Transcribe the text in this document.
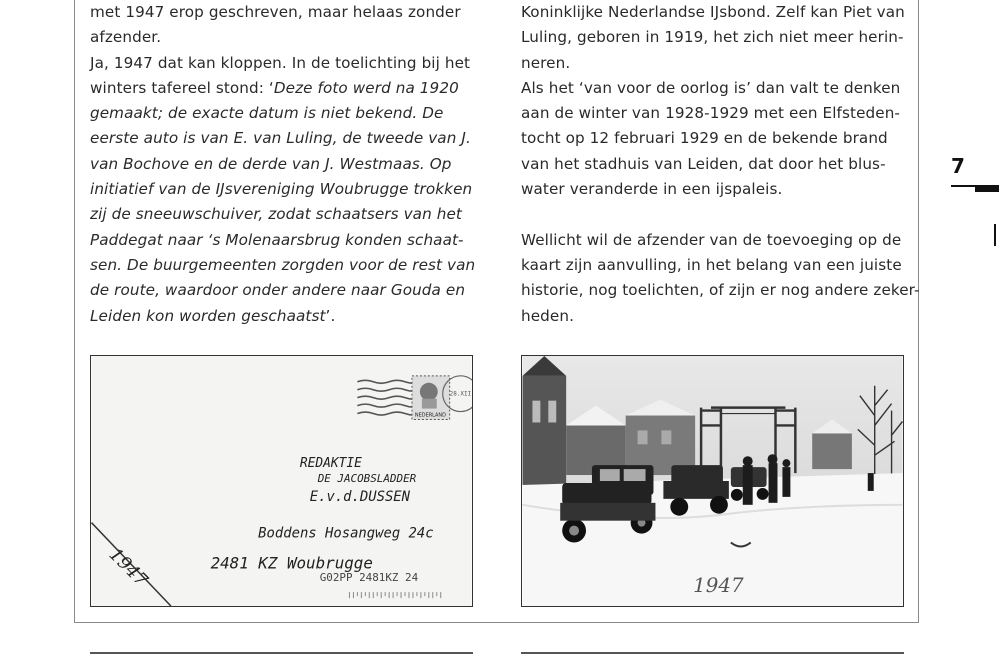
met 1947 erop geschreven, maar helaas zonder
afzender.
Ja, 1947 dat kan kloppen. In de toelichting bij het
winters tafereel stond: ‘Deze foto werd na 1920
gemaakt; de exacte datum is niet bekend. De
eerste auto is van E. van Luling, de tweede van J.
van Bochove en de derde van J. Westmaas. Op
initiatief van de IJsvereniging Woubrugge trokken
zij de sneeuwschuiver, zodat schaatsers van het
Paddegat naar ‘s Molenaarsbrug konden schaat-
sen. De buurgemeenten zorgden voor de rest van
de route, waardoor onder andere naar Gouda en
Leiden kon worden geschaatst’.
Koninklijke Nederlandse IJsbond. Zelf kan Piet van
Luling, geboren in 1919, het zich niet meer herin-
neren.
Als het ‘van voor de oorlog is’ dan valt te denken
aan de winter van 1928-1929 met een Elfsteden-
tocht op 12 februari 1929 en de bekende brand
van het stadhuis van Leiden, dat door het blus-
water veranderde in een ijspaleis.
Wellicht wil de afzender van de toevoeging op de
kaart zijn aanvulling, in het belang van een juiste
historie, nog toelichten, of zijn er nog andere zeker-
heden.
7
NEDERLAND
28.XII
REDAKTIE
DE JACOBSLADDER
E.v.d.DUSSEN
Boddens Hosangweg 24c
2481 KZ Woubrugge
G02PP 2481KZ 24
1947	1947
